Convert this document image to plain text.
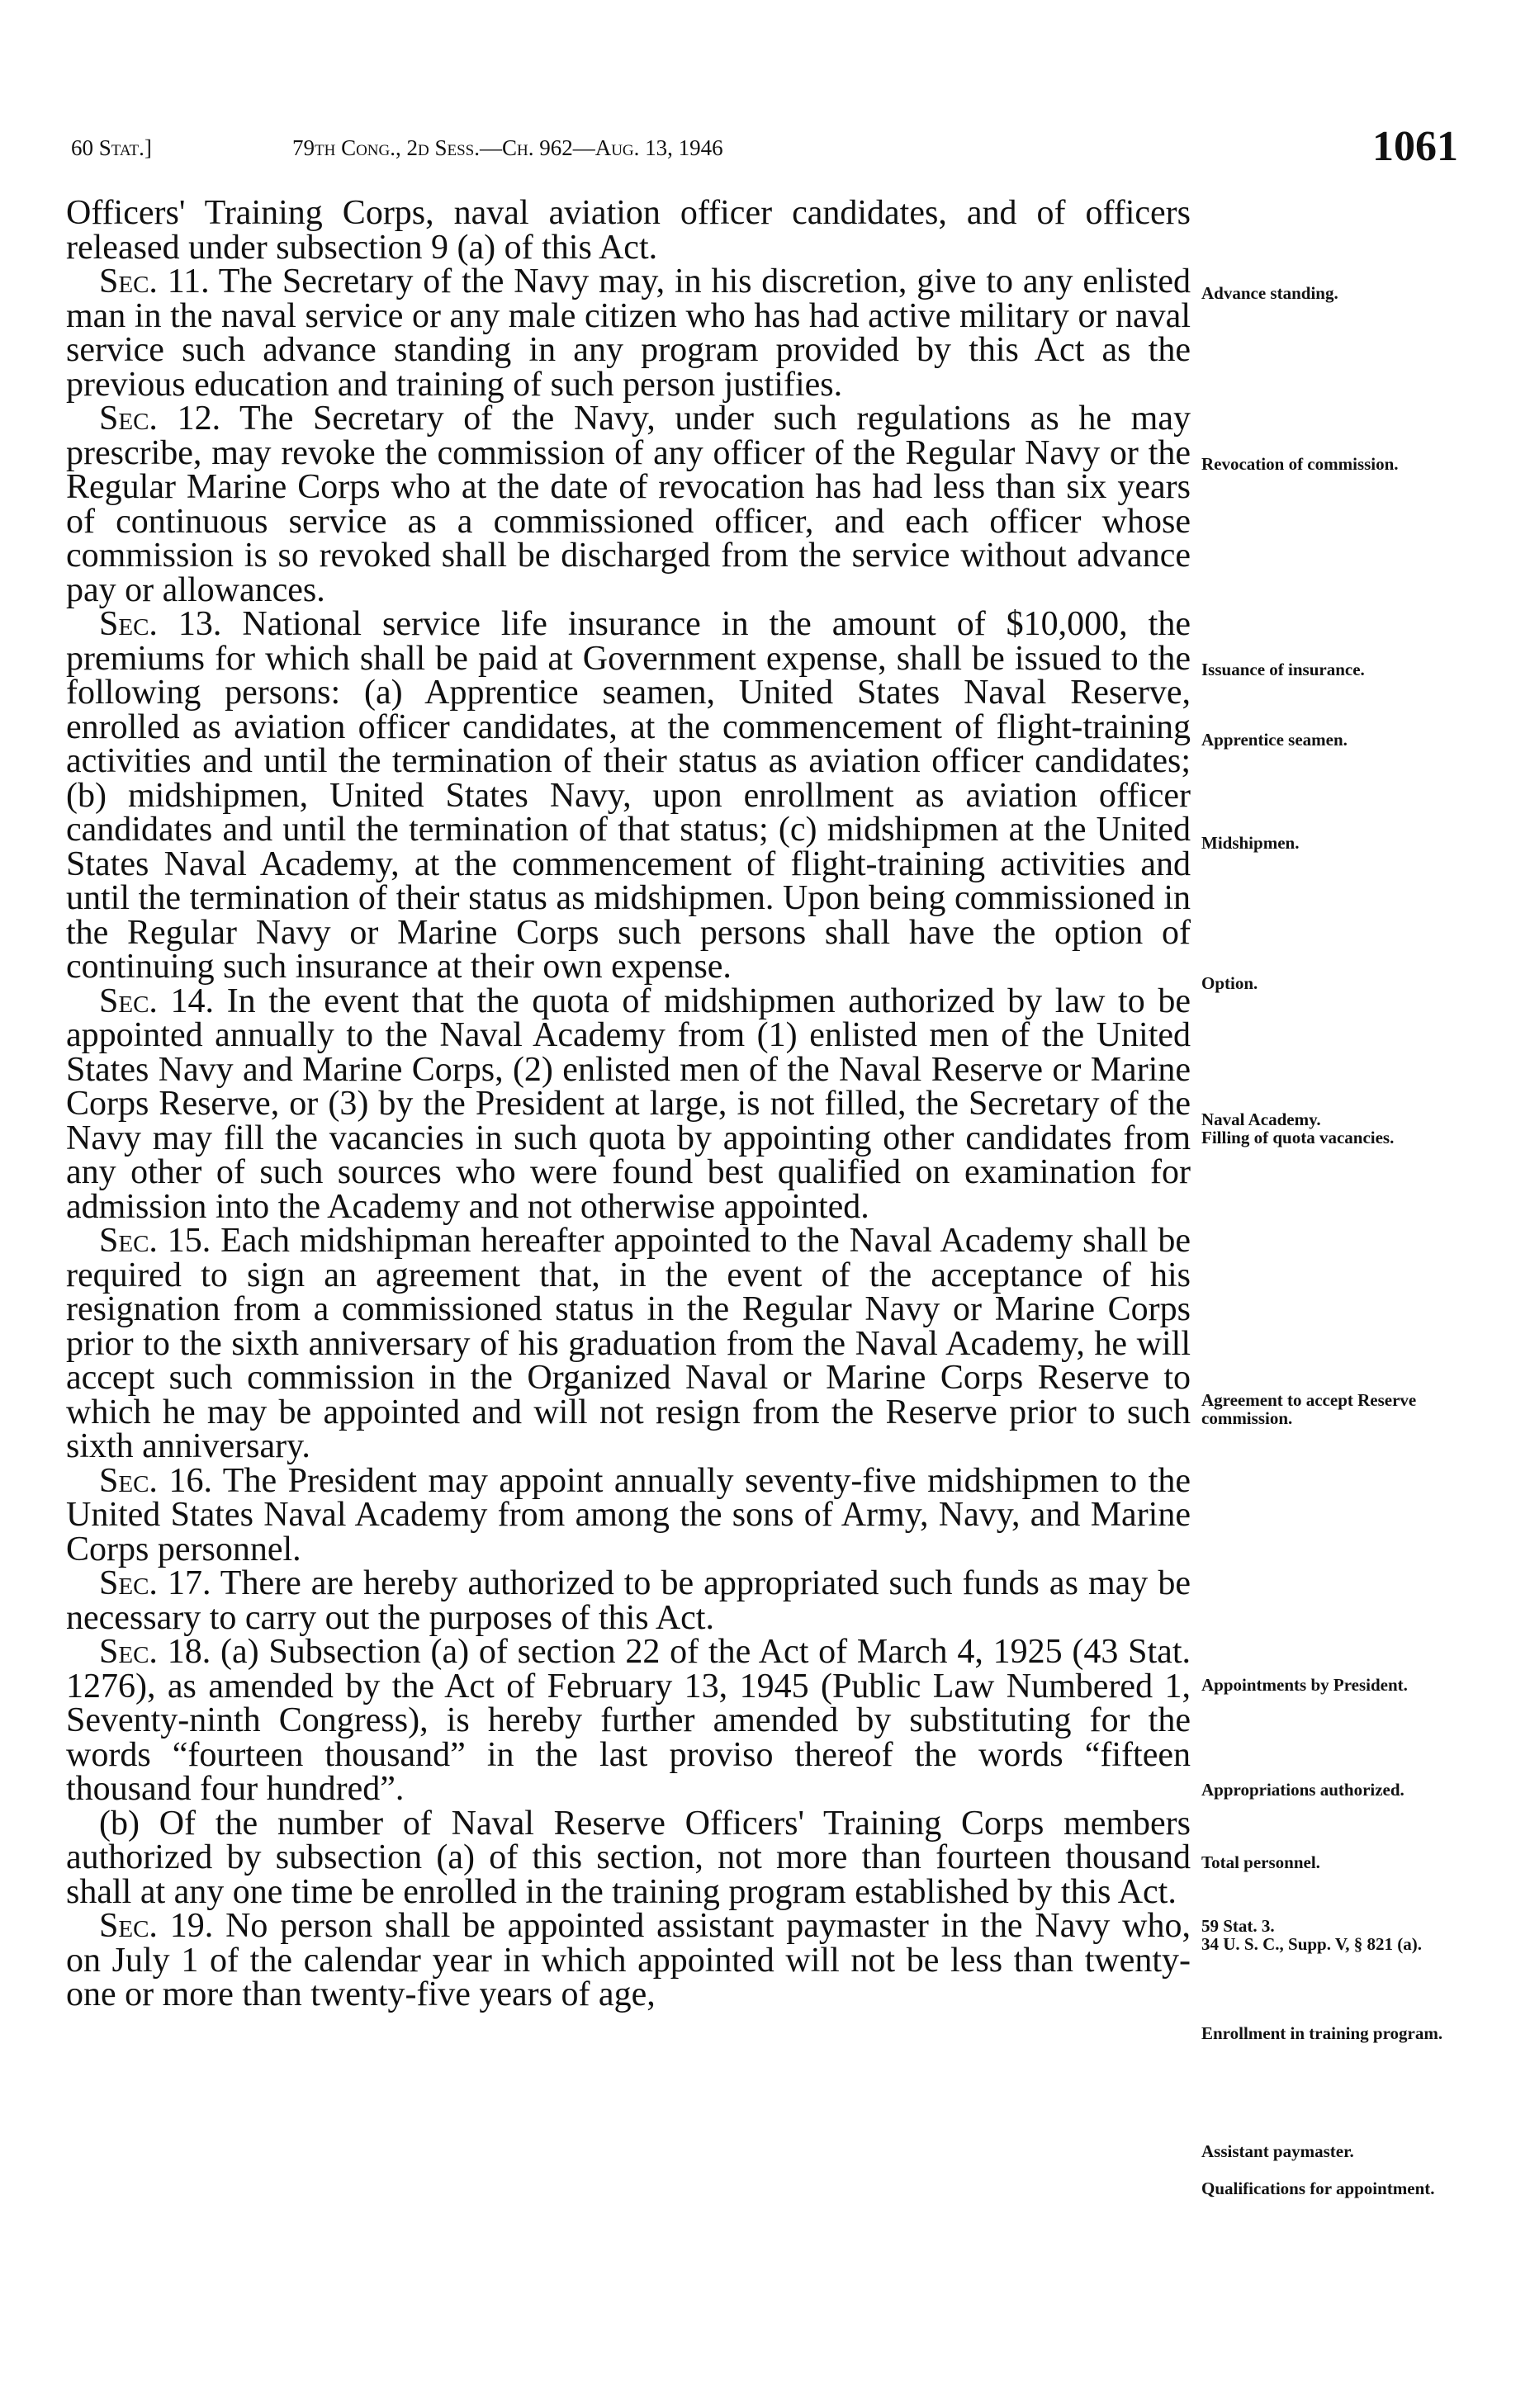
60 Stat.]	79th Cong., 2d Sess.—Ch. 962—Aug. 13, 1946	1061

Officers' Training Corps, naval aviation officer candidates, and of officers released under subsection 9 (a) of this Act.

Sec. 11. The Secretary of the Navy may, in his discretion, give to any enlisted man in the naval service or any male citizen who has had active military or naval service such advance standing in any program provided by this Act as the previous education and training of such person justifies.

Sec. 12. The Secretary of the Navy, under such regulations as he may prescribe, may revoke the commission of any officer of the Regular Navy or the Regular Marine Corps who at the date of revocation has had less than six years of continuous service as a commissioned officer, and each officer whose commission is so revoked shall be discharged from the service without advance pay or allowances.

Sec. 13. National service life insurance in the amount of $10,000, the premiums for which shall be paid at Government expense, shall be issued to the following persons: (a) Apprentice seamen, United States Naval Reserve, enrolled as aviation officer candidates, at the commencement of flight-training activities and until the termination of their status as aviation officer candidates; (b) midshipmen, United States Navy, upon enrollment as aviation officer candidates and until the termination of that status; (c) midshipmen at the United States Naval Academy, at the commencement of flight-training activities and until the termination of their status as midshipmen. Upon being commissioned in the Regular Navy or Marine Corps such persons shall have the option of continuing such insurance at their own expense.

Sec. 14. In the event that the quota of midshipmen authorized by law to be appointed annually to the Naval Academy from (1) enlisted men of the United States Navy and Marine Corps, (2) enlisted men of the Naval Reserve or Marine Corps Reserve, or (3) by the President at large, is not filled, the Secretary of the Navy may fill the vacancies in such quota by appointing other candidates from any other of such sources who were found best qualified on examination for admission into the Academy and not otherwise appointed.

Sec. 15. Each midshipman hereafter appointed to the Naval Academy shall be required to sign an agreement that, in the event of the acceptance of his resignation from a commissioned status in the Regular Navy or Marine Corps prior to the sixth anniversary of his graduation from the Naval Academy, he will accept such commission in the Organized Naval or Marine Corps Reserve to which he may be appointed and will not resign from the Reserve prior to such sixth anniversary.

Sec. 16. The President may appoint annually seventy-five midshipmen to the United States Naval Academy from among the sons of Army, Navy, and Marine Corps personnel.

Sec. 17. There are hereby authorized to be appropriated such funds as may be necessary to carry out the purposes of this Act.

Sec. 18. (a) Subsection (a) of section 22 of the Act of March 4, 1925 (43 Stat. 1276), as amended by the Act of February 13, 1945 (Public Law Numbered 1, Seventy-ninth Congress), is hereby further amended by substituting for the words “fourteen thousand” in the last proviso thereof the words “fifteen thousand four hundred”.

(b) Of the number of Naval Reserve Officers' Training Corps members authorized by subsection (a) of this section, not more than fourteen thousand shall at any one time be enrolled in the training program established by this Act.

Sec. 19. No person shall be appointed assistant paymaster in the Navy who, on July 1 of the calendar year in which appointed will not be less than twenty-one or more than twenty-five years of age,

Advance standing.
Revocation of commission.
Issuance of insurance.
Apprentice seamen.
Midshipmen.
Option.
Naval Academy.
Filling of quota vacancies.
Agreement to accept Reserve commission.
Appointments by President.
Appropriations authorized.
Total personnel.
59 Stat. 3.
34 U. S. C., Supp. V, § 821 (a).
Enrollment in training program.
Assistant paymaster.
Qualifications for appointment.
